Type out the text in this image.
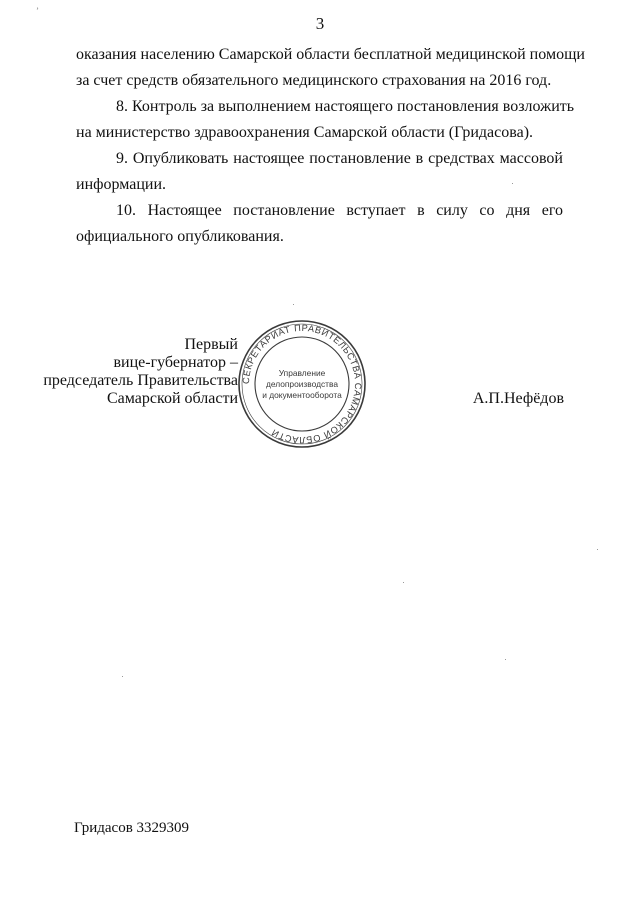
ʼ
3
оказания населению Самарской области бесплатной медицинской помощи
за счет средств обязательного медицинского страхования на 2016 год.
8. Контроль за выполнением настоящего постановления возложить
на министерство здравоохранения Самарской области (Гридасова).
9. Опубликовать настоящее постановление в средствах массовой
информации.
10. Настоящее постановление вступает в силу со дня его
официального опубликования.
Первый
вице-губернатор –
председатель Правительства
Самарской области
СЕКРЕТАРИАТ ПРАВИТЕЛЬСТВА САМАРСКОЙ ОБЛАСТИ
Управление
делопроизводства
и документооборота	А.П.Нефёдов
Гридасов 3329309
